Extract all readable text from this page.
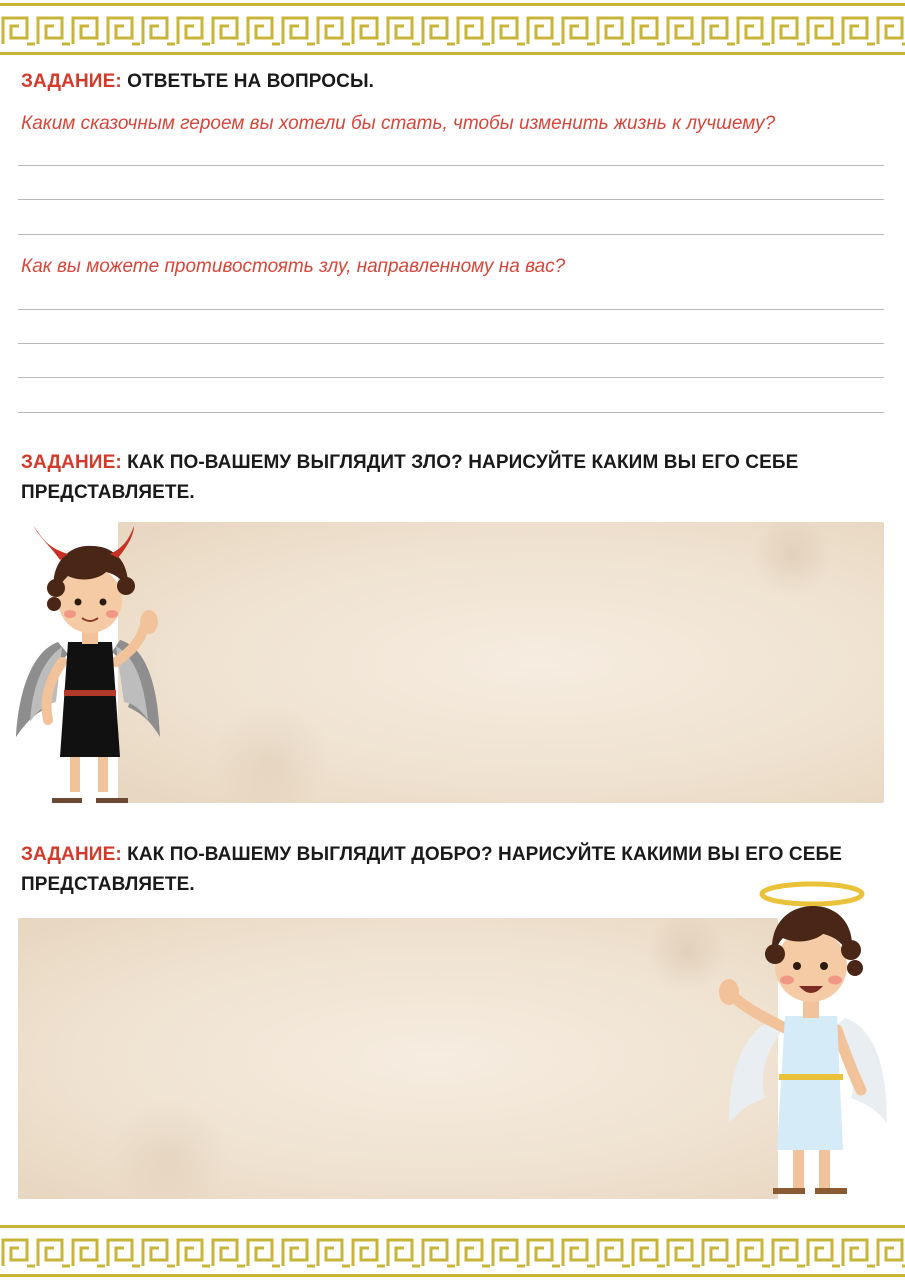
ЗАДАНИЕ: ОТВЕТЬТЕ НА ВОПРОСЫ.
Каким сказочным героем вы хотели бы стать, чтобы изменить жизнь к лучшему?
Как вы можете противостоять злу, направленному на вас?
ЗАДАНИЕ: КАК ПО-ВАШЕМУ ВЫГЛЯДИТ ЗЛО? НАРИСУЙТЕ КАКИМ ВЫ ЕГО СЕБЕ ПРЕДСТАВЛЯЕТЕ.
ЗАДАНИЕ: КАК ПО-ВАШЕМУ ВЫГЛЯДИТ ДОБРО? НАРИСУЙТЕ КАКИМИ ВЫ ЕГО СЕБЕ ПРЕДСТАВЛЯЕТЕ.
